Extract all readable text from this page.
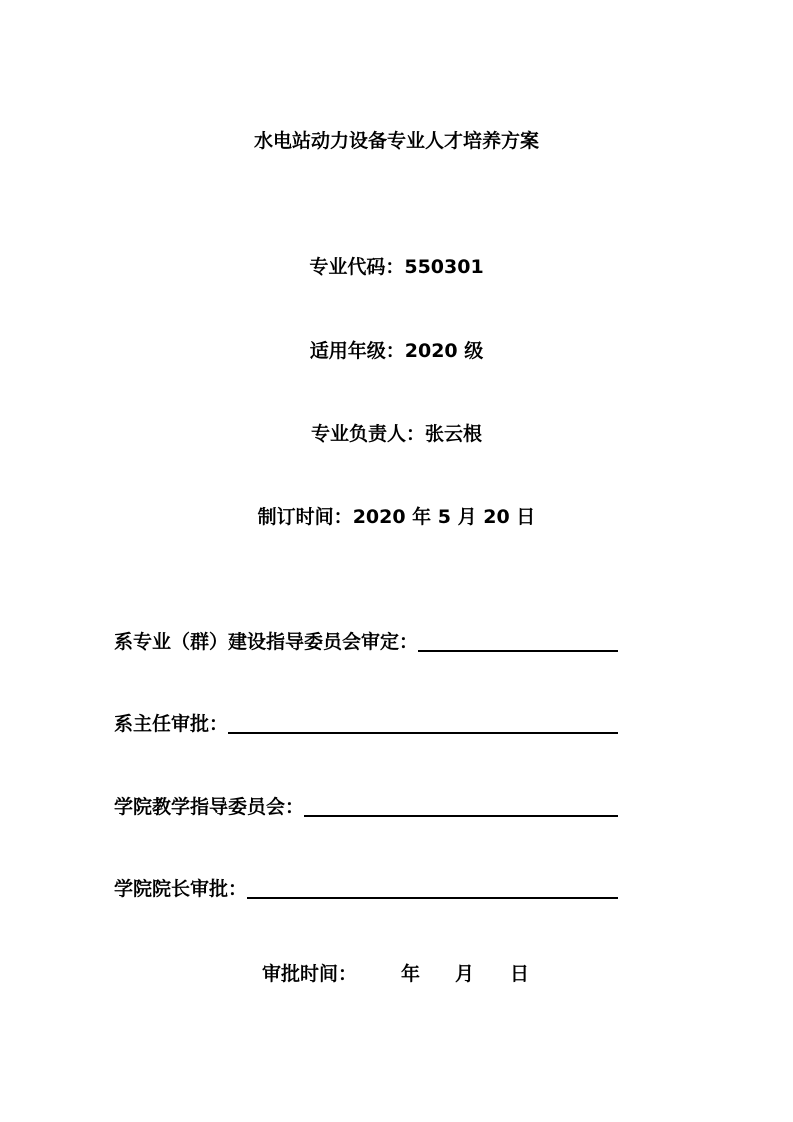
水电站动力设备专业人才培养方案
专业代码：550301
适用年级：2020 级
专业负责人：张云根
制订时间：2020 年 5 月 20 日
系专业（群）建设指导委员会审定：
系主任审批：
学院教学指导委员会：
学院院长审批：
审批时间： 年 月 日
